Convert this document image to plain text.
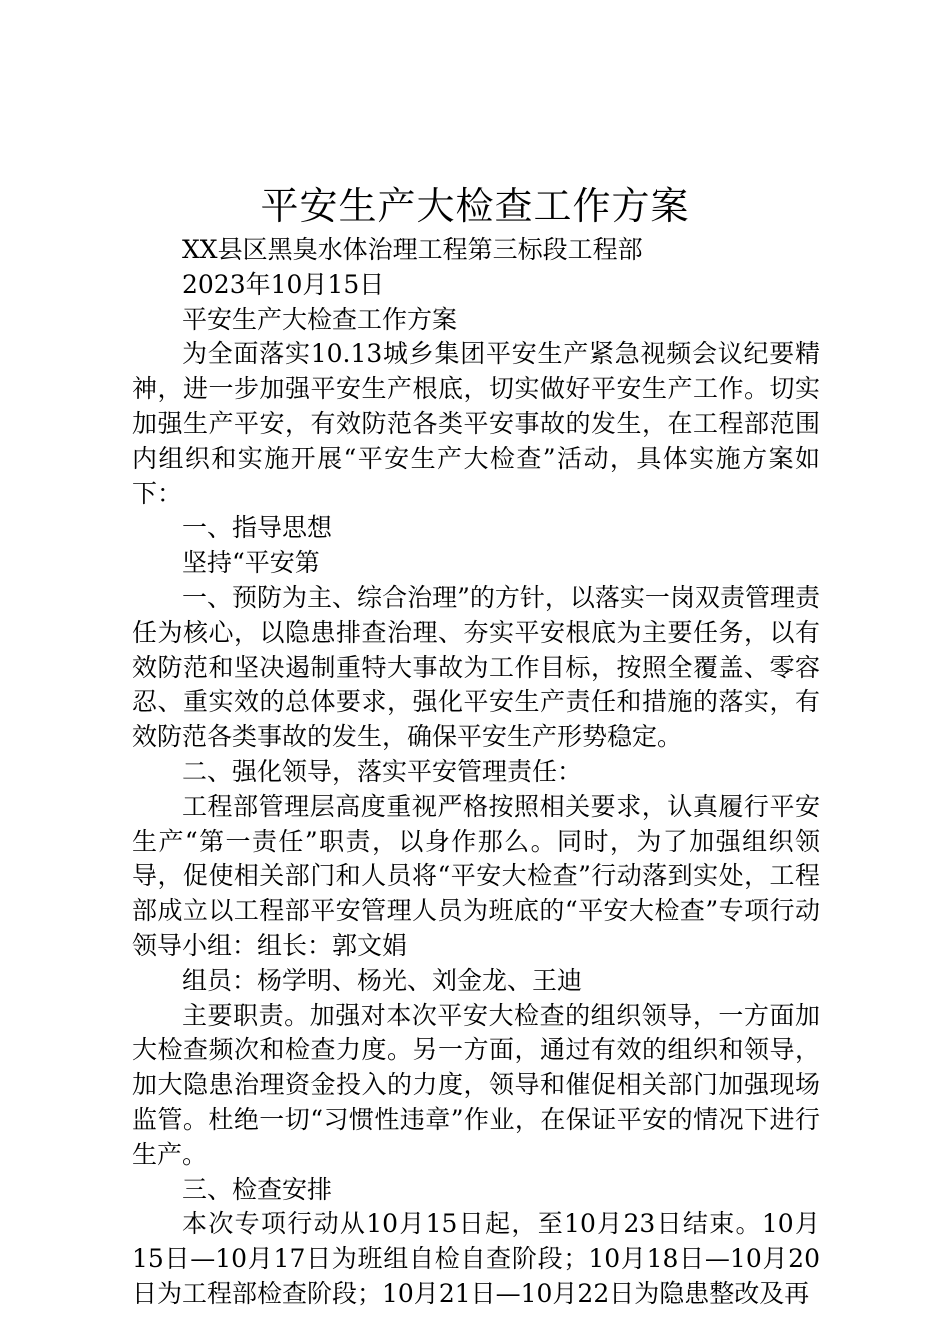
平安生产大检查工作方案

XX县区黑臭水体治理工程第三标段工程部

2023年10月15日

平安生产大检查工作方案

为全面落实10.13城乡集团平安生产紧急视频会议纪要精神，进一步加强平安生产根底，切实做好平安生产工作。切实加强生产平安，有效防范各类平安事故的发生，在工程部范围内组织和实施开展“平安生产大检查”活动，具体实施方案如下：

一、指导思想

坚持“平安第

一、预防为主、综合治理”的方针，以落实一岗双责管理责任为核心，以隐患排查治理、夯实平安根底为主要任务，以有效防范和坚决遏制重特大事故为工作目标，按照全覆盖、零容忍、重实效的总体要求，强化平安生产责任和措施的落实，有效防范各类事故的发生，确保平安生产形势稳定。

二、强化领导，落实平安管理责任：

工程部管理层高度重视严格按照相关要求，认真履行平安生产“第一责任”职责，以身作那么。同时，为了加强组织领导，促使相关部门和人员将“平安大检查”行动落到实处，工程部成立以工程部平安管理人员为班底的“平安大检查”专项行动领导小组：组长：郭文娟

组员：杨学明、杨光、刘金龙、王迪

主要职责。加强对本次平安大检查的组织领导，一方面加大检查频次和检查力度。另一方面，通过有效的组织和领导，加大隐患治理资金投入的力度，领导和催促相关部门加强现场监管。杜绝一切“习惯性违章”作业，在保证平安的情况下进行生产。

三、检查安排

本次专项行动从10月15日起，至10月23日结束。10月15日—10月17日为班组自检自查阶段；10月18日—10月20日为工程部检查阶段；10月21日—10月22日为隐患整改及再
